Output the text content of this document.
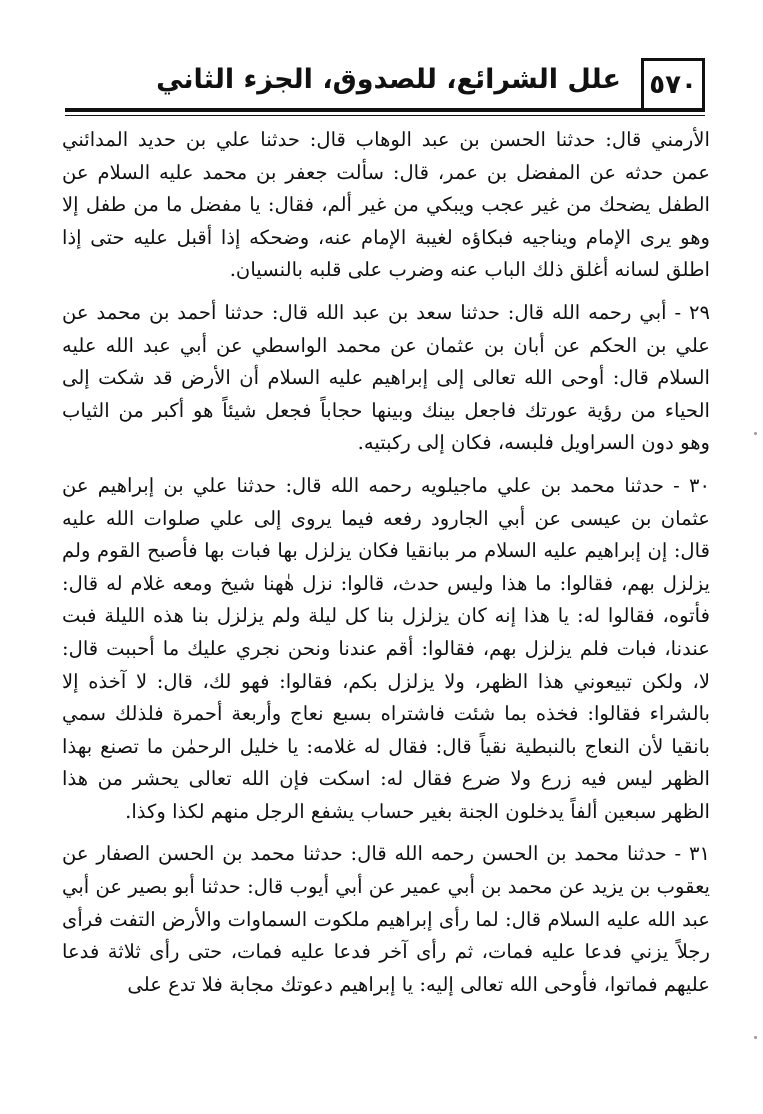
٥٧٠
علل الشرائع، للصدوق، الجزء الثاني

الأرمني قال: حدثنا الحسن بن عبد الوهاب قال: حدثنا علي بن حديد المدائني عمن حدثه عن المفضل بن عمر، قال: سألت جعفر بن محمد عليه السلام عن الطفل يضحك من غير عجب ويبكي من غير ألم، فقال: يا مفضل ما من طفل إلا وهو يرى الإمام ويناجيه فبكاؤه لغيبة الإمام عنه، وضحكه إذا أقبل عليه حتى إذا اطلق لسانه أغلق ذلك الباب عنه وضرب على قلبه بالنسيان.

٢٩ - أبي رحمه الله قال: حدثنا سعد بن عبد الله قال: حدثنا أحمد بن محمد عن علي بن الحكم عن أبان بن عثمان عن محمد الواسطي عن أبي عبد الله عليه السلام قال: أوحى الله تعالى إلى إبراهيم عليه السلام أن الأرض قد شكت إلى الحياء من رؤية عورتك فاجعل بينك وبينها حجاباً فجعل شيئاً هو أكبر من الثياب وهو دون السراويل فلبسه، فكان إلى ركبتيه.

٣٠ - حدثنا محمد بن علي ماجيلويه رحمه الله قال: حدثنا علي بن إبراهيم عن عثمان بن عيسى عن أبي الجارود رفعه فيما يروى إلى علي صلوات الله عليه قال: إن إبراهيم عليه السلام مر ببانقيا فكان يزلزل بها فبات بها فأصبح القوم ولم يزلزل بهم، فقالوا: ما هذا وليس حدث، قالوا: نزل هٰهنا شيخ ومعه غلام له قال: فأتوه، فقالوا له: يا هذا إنه كان يزلزل بنا كل ليلة ولم يزلزل بنا هذه الليلة فبت عندنا، فبات فلم يزلزل بهم، فقالوا: أقم عندنا ونحن نجري عليك ما أحببت قال: لا، ولكن تبيعوني هذا الظهر، ولا يزلزل بكم، فقالوا: فهو لك، قال: لا آخذه إلا بالشراء فقالوا: فخذه بما شئت فاشتراه بسبع نعاج وأربعة أحمرة فلذلك سمي بانقيا لأن النعاج بالنبطية نقياً قال: فقال له غلامه: يا خليل الرحمٰن ما تصنع بهذا الظهر ليس فيه زرع ولا ضرع فقال له: اسكت فإن الله تعالى يحشر من هذا الظهر سبعين ألفاً يدخلون الجنة بغير حساب يشفع الرجل منهم لكذا وكذا.

٣١ - حدثنا محمد بن الحسن رحمه الله قال: حدثنا محمد بن الحسن الصفار عن يعقوب بن يزيد عن محمد بن أبي عمير عن أبي أيوب قال: حدثنا أبو بصير عن أبي عبد الله عليه السلام قال: لما رأى إبراهيم ملكوت السماوات والأرض التفت فرأى رجلاً يزني فدعا عليه فمات، ثم رأى آخر فدعا عليه فمات، حتى رأى ثلاثة فدعا عليهم فماتوا، فأوحى الله تعالى إليه: يا إبراهيم دعوتك مجابة فلا تدع على
